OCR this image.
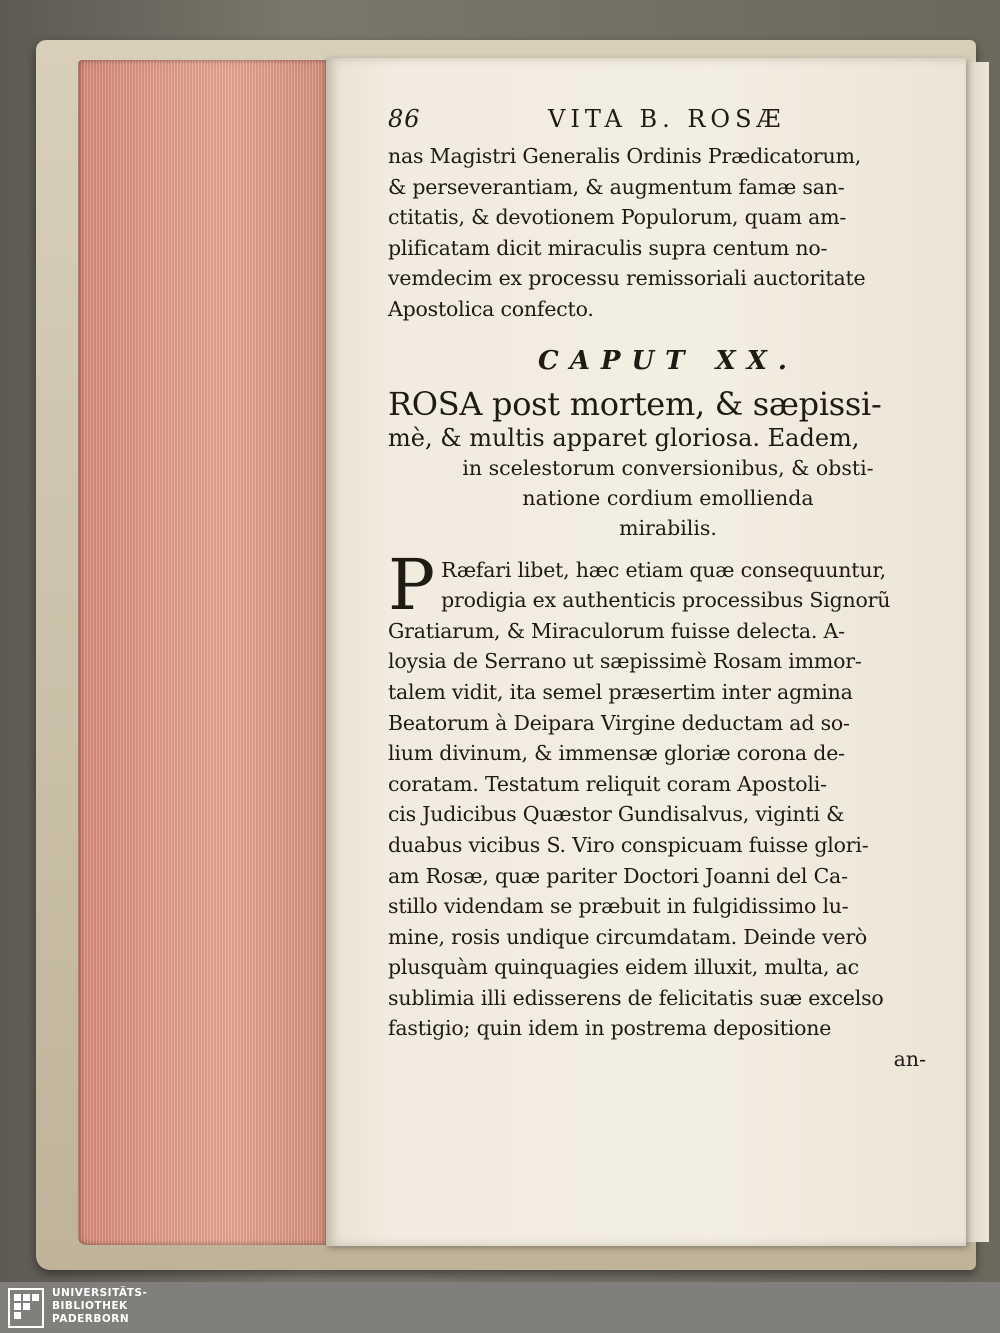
86	VITA B. ROSÆ
nas Magistri Generalis Ordinis Prædicatorum,
& perseverantiam, & augmentum famæ san-
ctitatis, & devotionem Populorum, quam am-
plificatam dicit miraculis supra centum no-
vemdecim ex processu remissoriali auctoritate
Apostolica confecto.
CAPUT XX.
ROSA post mortem, & sæpissi-
mè, & multis apparet gloriosa. Eadem,
in scelestorum conversionibus, & obsti-
natione cordium emollienda
mirabilis.
P Ræfari libet, hæc etiam quæ consequuntur,
prodigia ex authenticis processibus Signorũ
Gratiarum, & Miraculorum fuisse delecta. A-
loysia de Serrano ut sæpissimè Rosam immor-
talem vidit, ita semel præsertim inter agmina
Beatorum à Deipara Virgine deductam ad so-
lium divinum, & immensæ gloriæ corona de-
coratam. Testatum reliquit coram Apostoli-
cis Judicibus Quæstor Gundisalvus, viginti &
duabus vicibus S. Viro conspicuam fuisse glori-
am Rosæ, quæ pariter Doctori Joanni del Ca-
stillo videndam se præbuit in fulgidissimo lu-
mine, rosis undique circumdatam. Deinde verò
plusquàm quinquagies eidem illuxit, multa, ac
sublimia illi edisserens de felicitatis suæ excelso
fastigio; quin idem in postrema depositione
an-
UNIVERSITÄTS-
BIBLIOTHEK
PADERBORN
